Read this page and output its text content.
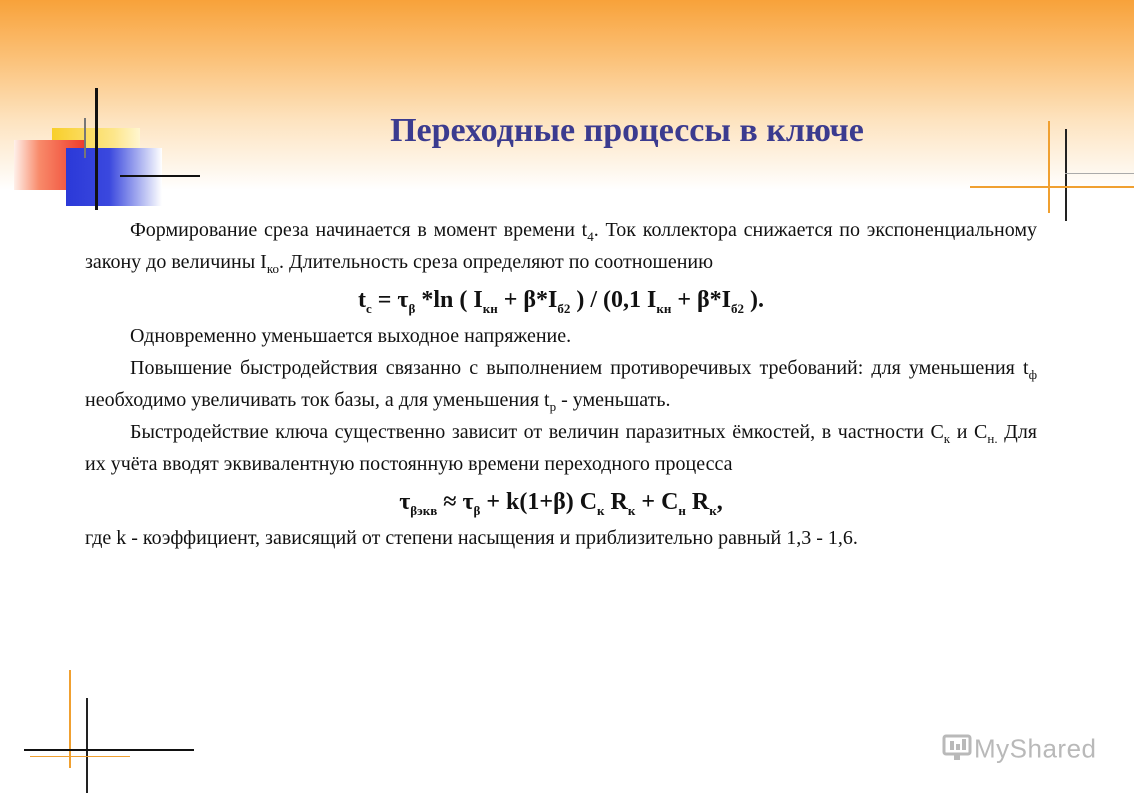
Переходные процессы в ключе

Формирование среза начинается в момент времени $t_4$. Ток коллектора снижается по экспоненциальному закону до величины $I_{ко}$. Длительность среза определяют по соотношению

$t_с = \tau_\beta$ *ln ( $I_{кн} + \beta*I_{б2}$ ) / (0,1 $I_{кн} + \beta*I_{б2}$ ).

Одновременно уменьшается выходное напряжение.

Повышение быстродействия связанно с выполнением противоречивых требований: для уменьшения $t_ф$ необходимо увеличивать ток базы, а для уменьшения $t_р$ - уменьшать.

Быстродействие ключа существенно зависит от величин паразитных ёмкостей, в частности $C_к$ и $C_{н.}$ Для их учёта вводят эквивалентную постоянную времени переходного процесса

$\tau_{\beta экв} \approx \tau_\beta + k(1+\beta)$ $C_к$ $R_к + C_н$ $R_к$,

где k - коэффициент, зависящий от степени насыщения и приблизительно равный 1,3 - 1,6.

MyShared
